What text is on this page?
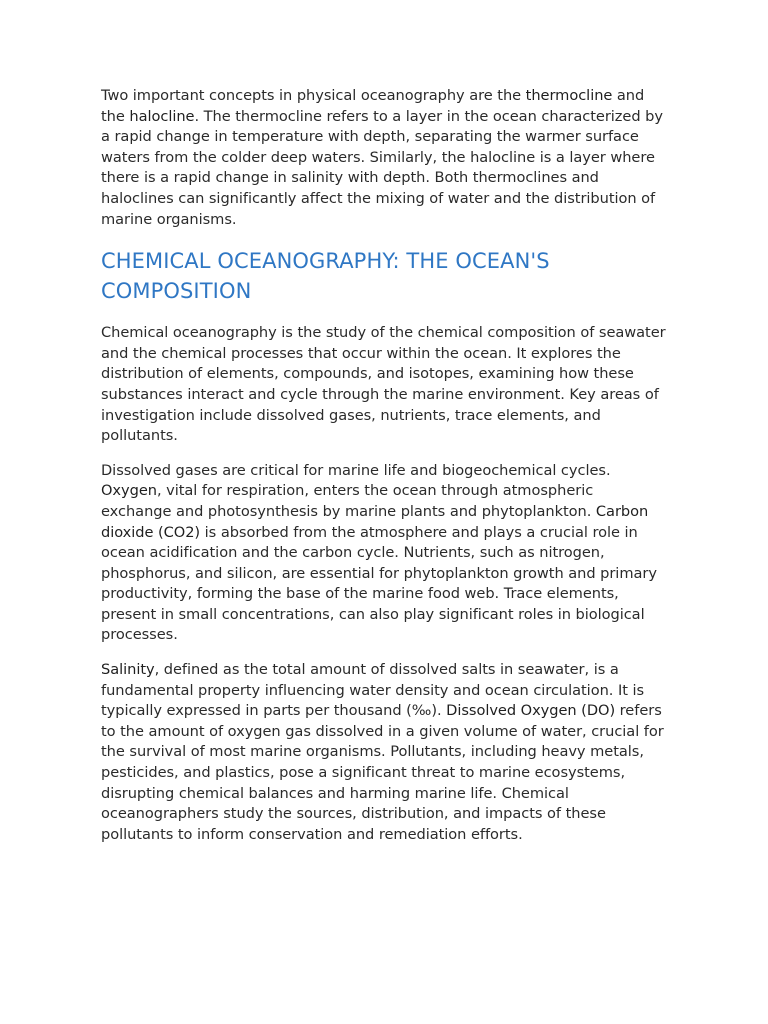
Two important concepts in physical oceanography are the thermocline and the halocline. The thermocline refers to a layer in the ocean characterized by a rapid change in temperature with depth, separating the warmer surface waters from the colder deep waters. Similarly, the halocline is a layer where there is a rapid change in salinity with depth. Both thermoclines and haloclines can significantly affect the mixing of water and the distribution of marine organisms.

CHEMICAL OCEANOGRAPHY: THE OCEAN'S COMPOSITION

Chemical oceanography is the study of the chemical composition of seawater and the chemical processes that occur within the ocean. It explores the distribution of elements, compounds, and isotopes, examining how these substances interact and cycle through the marine environment. Key areas of investigation include dissolved gases, nutrients, trace elements, and pollutants.

Dissolved gases are critical for marine life and biogeochemical cycles. Oxygen, vital for respiration, enters the ocean through atmospheric exchange and photosynthesis by marine plants and phytoplankton. Carbon dioxide (CO2) is absorbed from the atmosphere and plays a crucial role in ocean acidification and the carbon cycle. Nutrients, such as nitrogen, phosphorus, and silicon, are essential for phytoplankton growth and primary productivity, forming the base of the marine food web. Trace elements, present in small concentrations, can also play significant roles in biological processes.

Salinity, defined as the total amount of dissolved salts in seawater, is a fundamental property influencing water density and ocean circulation. It is typically expressed in parts per thousand (‰). Dissolved Oxygen (DO) refers to the amount of oxygen gas dissolved in a given volume of water, crucial for the survival of most marine organisms. Pollutants, including heavy metals, pesticides, and plastics, pose a significant threat to marine ecosystems, disrupting chemical balances and harming marine life. Chemical oceanographers study the sources, distribution, and impacts of these pollutants to inform conservation and remediation efforts.
